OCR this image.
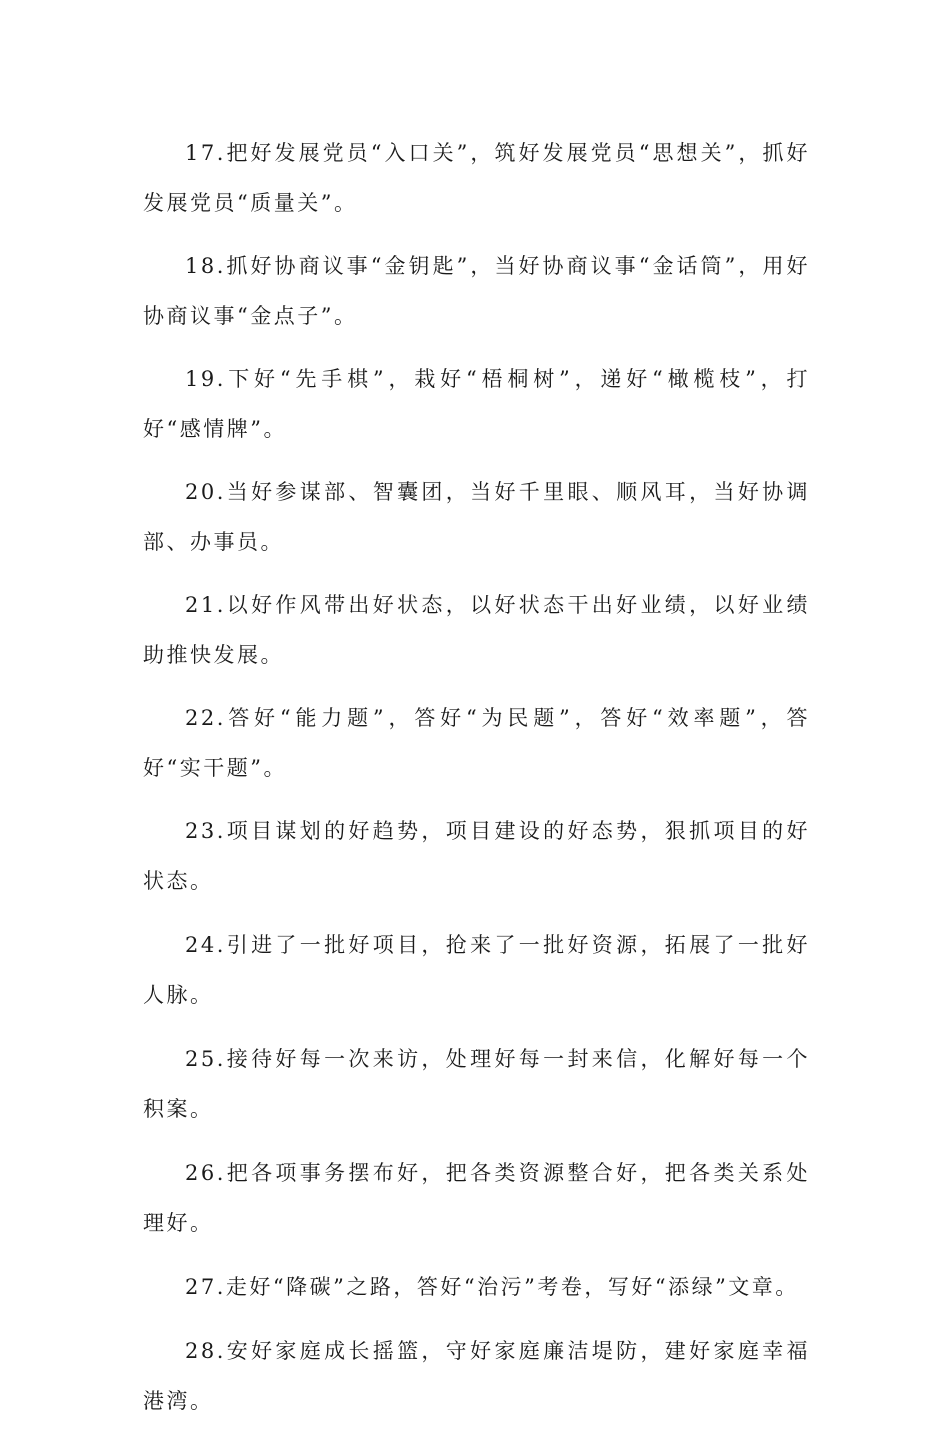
17.把好发展党员“入口关”，筑好发展党员“思想关”，抓好发展党员“质量关”。

18.抓好协商议事“金钥匙”，当好协商议事“金话筒”，用好协商议事“金点子”。

19.下好“先手棋”，栽好“梧桐树”，递好“橄榄枝”，打好“感情牌”。

20.当好参谋部、智囊团，当好千里眼、顺风耳，当好协调部、办事员。

21.以好作风带出好状态，以好状态干出好业绩，以好业绩助推快发展。

22.答好“能力题”，答好“为民题”，答好“效率题”，答好“实干题”。

23.项目谋划的好趋势，项目建设的好态势，狠抓项目的好状态。

24.引进了一批好项目，抢来了一批好资源，拓展了一批好人脉。

25.接待好每一次来访，处理好每一封来信，化解好每一个积案。

26.把各项事务摆布好，把各类资源整合好，把各类关系处理好。

27.走好“降碳”之路，答好“治污”考卷，写好“添绿”文章。

28.安好家庭成长摇篮，守好家庭廉洁堤防，建好家庭幸福港湾。
